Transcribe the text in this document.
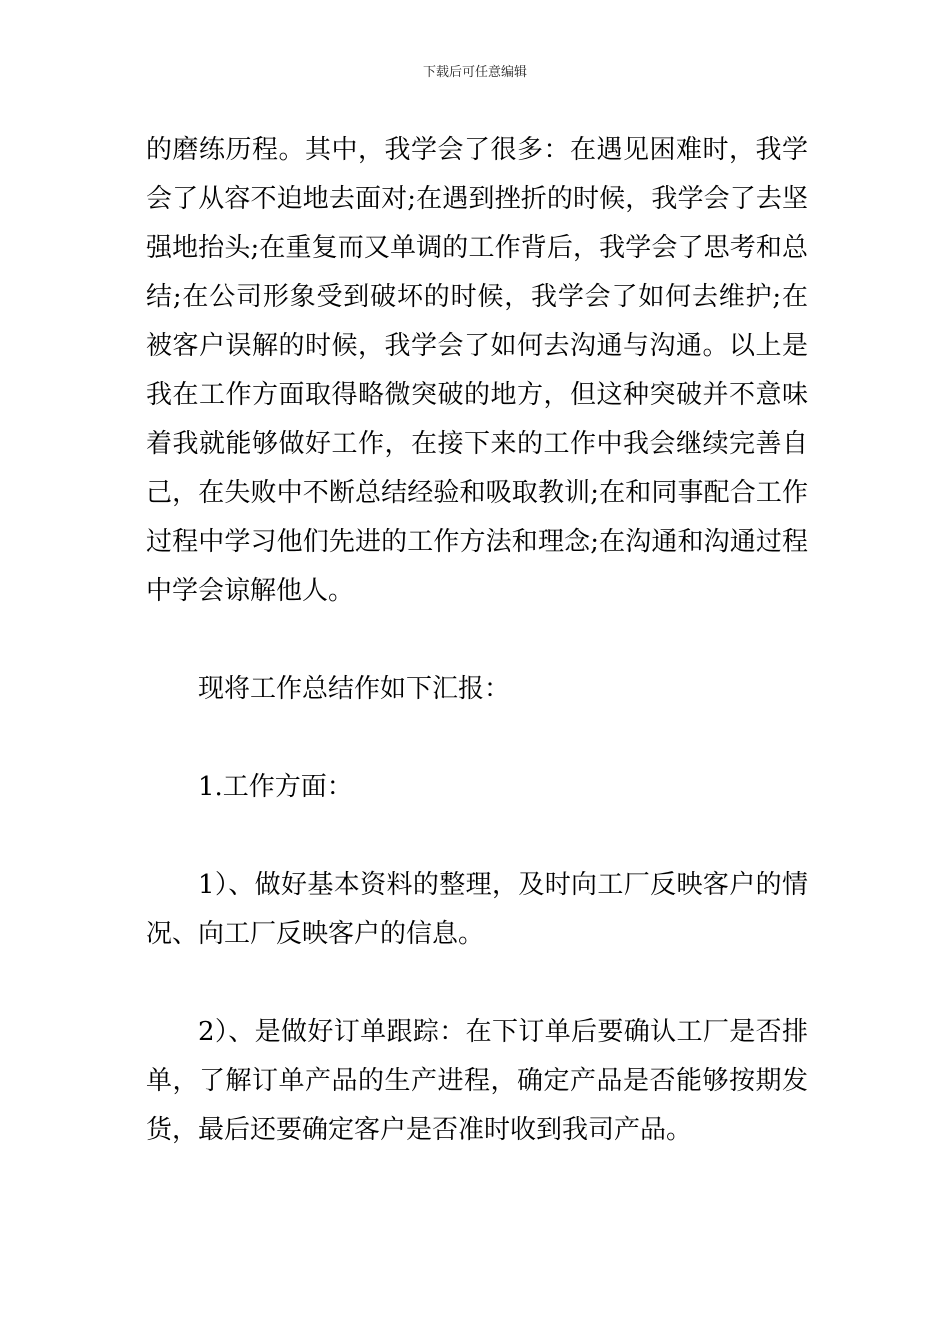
下载后可任意编辑
的磨练历程。其中，我学会了很多：在遇见困难时，我学
会了从容不迫地去面对;在遇到挫折的时候，我学会了去坚
强地抬头;在重复而又单调的工作背后，我学会了思考和总
结;在公司形象受到破坏的时候，我学会了如何去维护;在
被客户误解的时候，我学会了如何去沟通与沟通。以上是
我在工作方面取得略微突破的地方，但这种突破并不意味
着我就能够做好工作，在接下来的工作中我会继续完善自
己，在失败中不断总结经验和吸取教训;在和同事配合工作
过程中学习他们先进的工作方法和理念;在沟通和沟通过程
中学会谅解他人。
现将工作总结作如下汇报：
1.工作方面：
1）、做好基本资料的整理，及时向工厂反映客户的情
况、向工厂反映客户的信息。
2）、是做好订单跟踪：在下订单后要确认工厂是否排
单，了解订单产品的生产进程，确定产品是否能够按期发
货，最后还要确定客户是否准时收到我司产品。
